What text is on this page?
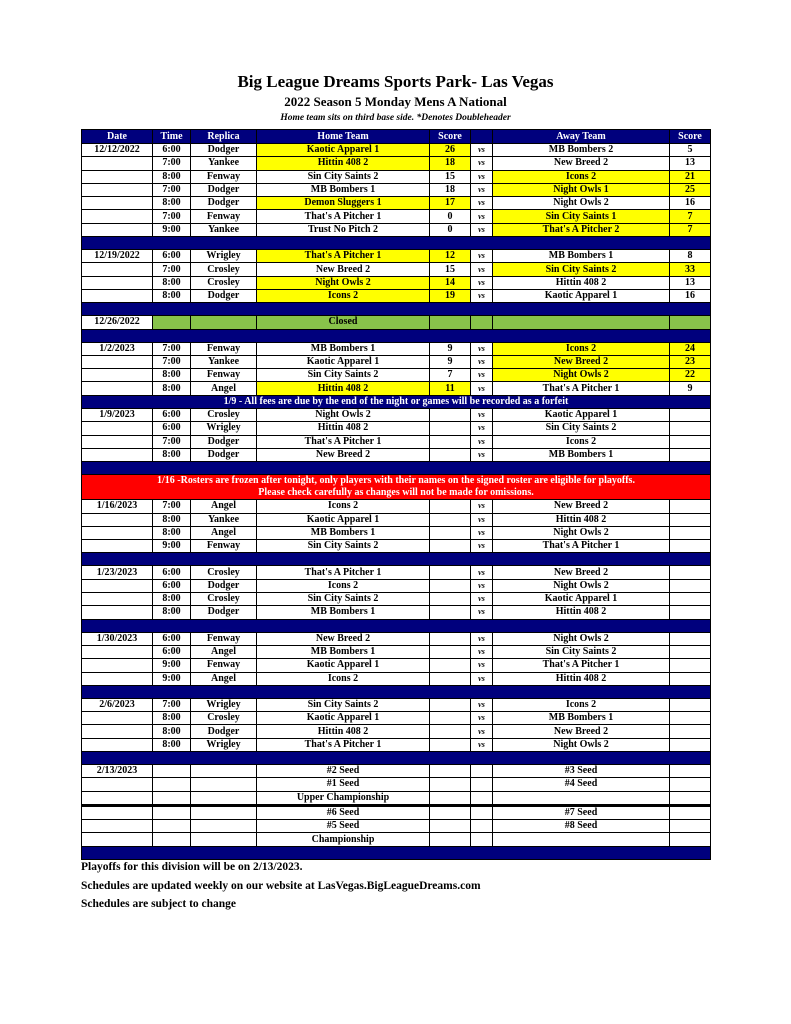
Big League Dreams Sports Park- Las Vegas
2022 Season 5 Monday Mens A National
Home team sits on third base side. *Denotes Doubleheader
Date	Time	Replica	Home Team	Score		Away Team	Score
12/12/2022	6:00	Dodger	Kaotic Apparel 1	26	vs	MB Bombers 2	5
	7:00	Yankee	Hittin 408 2	18	vs	New Breed 2	13
	8:00	Fenway	Sin City Saints 2	15	vs	Icons 2	21
	7:00	Dodger	MB Bombers 1	18	vs	Night Owls 1	25
	8:00	Dodger	Demon Sluggers 1	17	vs	Night Owls 2	16
	7:00	Fenway	That's A Pitcher 1	0	vs	Sin City Saints 1	7
	9:00	Yankee	Trust No Pitch 2	0	vs	That's A Pitcher 2	7

12/19/2022	6:00	Wrigley	That's A Pitcher 1	12	vs	MB Bombers 1	8
	7:00	Crosley	New Breed 2	15	vs	Sin City Saints 2	33
	8:00	Crosley	Night Owls 2	14	vs	Hittin 408 2	13
	8:00	Dodger	Icons 2	19	vs	Kaotic Apparel 1	16

12/26/2022			Closed				

1/2/2023	7:00	Fenway	MB Bombers 1	9	vs	Icons 2	24
	7:00	Yankee	Kaotic Apparel 1	9	vs	New Breed 2	23
	8:00	Fenway	Sin City Saints 2	7	vs	Night Owls 2	22
	8:00	Angel	Hittin 408 2	11	vs	That's A Pitcher 1	9
1/9 - All fees are due by the end of the night or games will be recorded as a forfeit							
1/9/2023	6:00	Crosley	Night Owls 2		vs	Kaotic Apparel 1	
	6:00	Wrigley	Hittin 408 2		vs	Sin City Saints 2	
	7:00	Dodger	That's A Pitcher 1		vs	Icons 2	
	8:00	Dodger	New Breed 2		vs	MB Bombers 1	

1/16 -Rosters are frozen after tonight, only players with their names on the signed roster are eligible for playoffs.
Please check carefully as changes will not be made for omissions.							

1/16/2023	7:00	Angel	Icons 2		vs	New Breed 2	
	8:00	Yankee	Kaotic Apparel 1		vs	Hittin 408 2	
	8:00	Angel	MB Bombers 1		vs	Night Owls 2	
	9:00	Fenway	Sin City Saints 2		vs	That's A Pitcher 1	

1/23/2023	6:00	Crosley	That's A Pitcher 1		vs	New Breed 2	
	6:00	Dodger	Icons 2		vs	Night Owls 2	
	8:00	Crosley	Sin City Saints 2		vs	Kaotic Apparel 1	
	8:00	Dodger	MB Bombers 1		vs	Hittin 408 2	

1/30/2023	6:00	Fenway	New Breed 2		vs	Night Owls 2	
	6:00	Angel	MB Bombers 1		vs	Sin City Saints 2	
	9:00	Fenway	Kaotic Apparel 1		vs	That's A Pitcher 1	
	9:00	Angel	Icons 2		vs	Hittin 408 2	

2/6/2023	7:00	Wrigley	Sin City Saints 2		vs	Icons 2	
	8:00	Crosley	Kaotic Apparel 1		vs	MB Bombers 1	
	8:00	Dodger	Hittin 408 2		vs	New Breed 2	
	8:00	Wrigley	That's A Pitcher 1		vs	Night Owls 2	

2/13/2023			#2 Seed			#3 Seed	
			#1 Seed			#4 Seed	
			Upper Championship				
			#6 Seed			#7 Seed	
			#5 Seed			#8 Seed	
			Championship				

Playoffs for this division will be on 2/13/2023.
Schedules are updated weekly on our website at LasVegas.BigLeagueDreams.com
Schedules are subject to change
